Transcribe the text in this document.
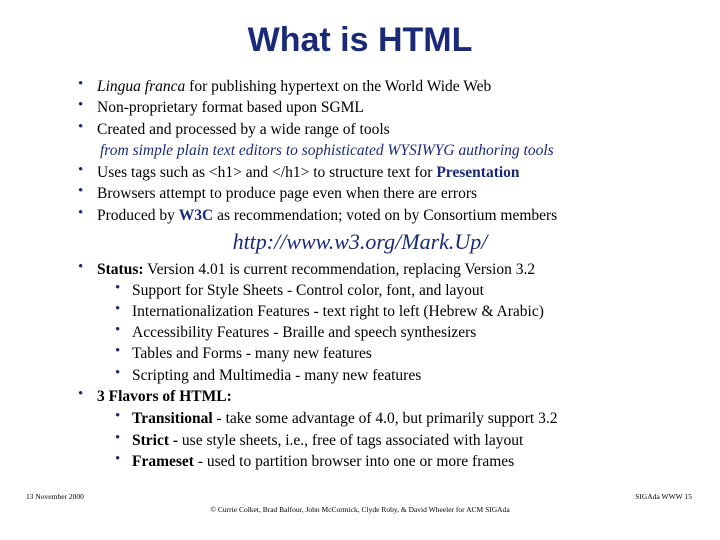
What is HTML
• Lingua franca for publishing hypertext on the World Wide Web
• Non-proprietary format based upon SGML
• Created and processed by a wide range of tools
from simple plain text editors to sophisticated WYSIWYG authoring tools
• Uses tags such as <h1> and </h1> to structure text for Presentation
• Browsers attempt to produce page even when there are errors
• Produced by W3C as recommendation; voted on by Consortium members
http://www.w3.org/Mark.Up/
• Status: Version 4.01 is current recommendation, replacing Version 3.2
• Support for Style Sheets - Control color, font, and layout
• Internationalization Features - text right to left (Hebrew & Arabic)
• Accessibility Features - Braille and speech synthesizers
• Tables and Forms - many new features
• Scripting and Multimedia - many new features
• 3 Flavors of HTML:
• Transitional - take some advantage of 4.0, but primarily support 3.2
• Strict - use style sheets, i.e., free of tags associated with layout
• Frameset - used to partition browser into one or more frames
13 November 2000	SIGAda WWW 15
© Currie Colket, Brad Balfour, John McCormick, Clyde Roby, & David Wheeler for ACM SIGAda
